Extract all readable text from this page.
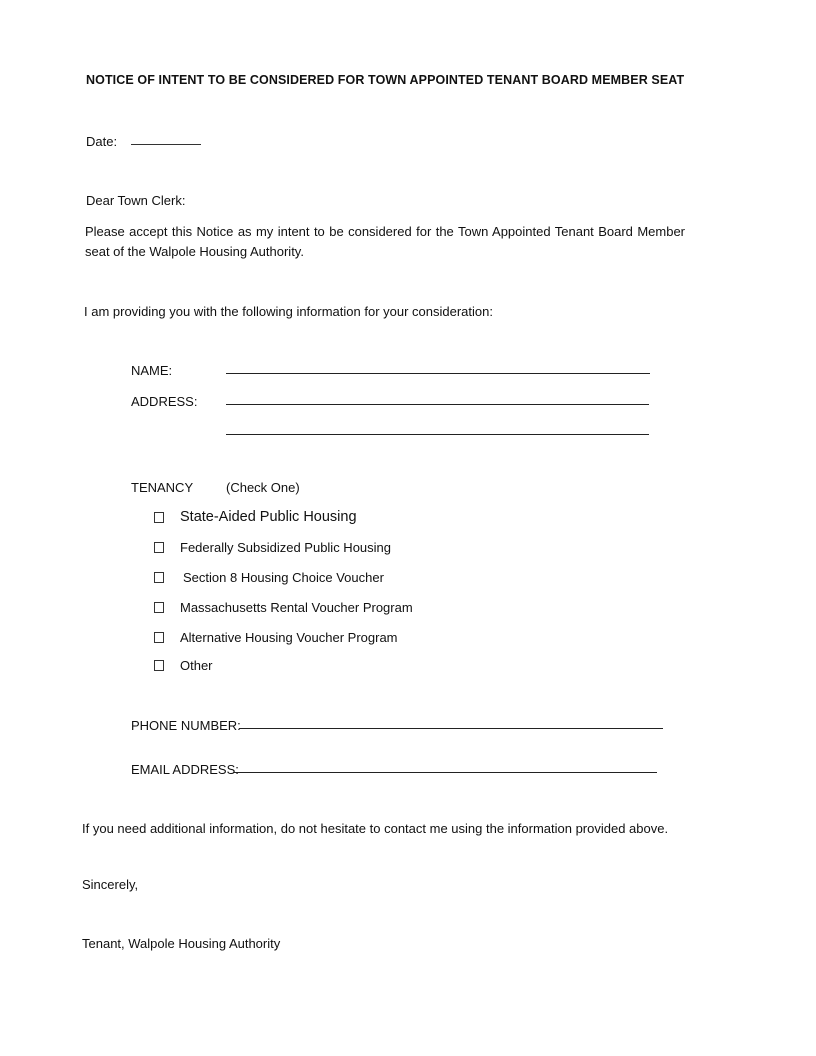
NOTICE OF INTENT TO BE CONSIDERED FOR TOWN APPOINTED TENANT BOARD MEMBER SEAT
Date:
Dear Town Clerk:
Please accept this Notice as my intent to be considered for the Town Appointed Tenant Board Member seat of the Walpole Housing Authority.
I am providing you with the following information for your consideration:
NAME:
ADDRESS:
TENANCY	(Check One)
State-Aided Public Housing
Federally Subsidized Public Housing
Section 8 Housing Choice Voucher
Massachusetts Rental Voucher Program
Alternative Housing Voucher Program
Other
PHONE NUMBER:
EMAIL ADDRESS:
If you need additional information, do not hesitate to contact me using the information provided above.
Sincerely,
Tenant, Walpole Housing Authority
